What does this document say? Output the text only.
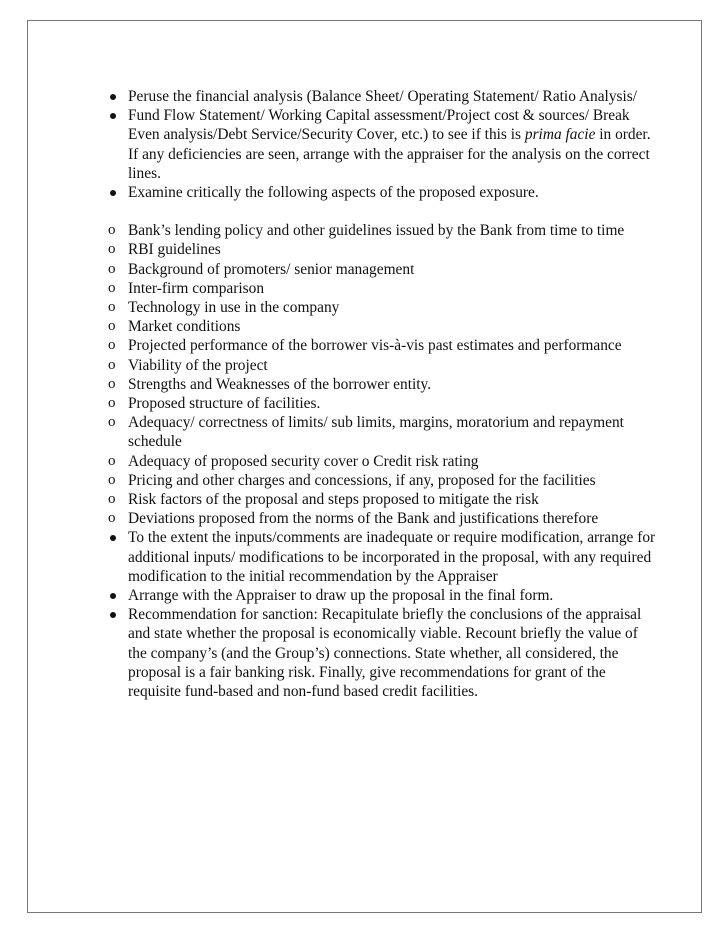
Peruse the financial analysis (Balance Sheet/ Operating Statement/ Ratio Analysis/
Fund Flow Statement/ Working Capital assessment/Project cost & sources/ Break Even analysis/Debt Service/Security Cover, etc.) to see if this is prima facie in order. If any deficiencies are seen, arrange with the appraiser for the analysis on the correct lines.
Examine critically the following aspects of the proposed exposure.
o Bank’s lending policy and other guidelines issued by the Bank from time to time
o RBI guidelines
o Background of promoters/ senior management
o Inter-firm comparison
o Technology in use in the company
o Market conditions
o Projected performance of the borrower vis-à-vis past estimates and performance
o Viability of the project
o Strengths and Weaknesses of the borrower entity.
o Proposed structure of facilities.
o Adequacy/ correctness of limits/ sub limits, margins, moratorium and repayment schedule
o Adequacy of proposed security cover o Credit risk rating
o Pricing and other charges and concessions, if any, proposed for the facilities
o Risk factors of the proposal and steps proposed to mitigate the risk
o Deviations proposed from the norms of the Bank and justifications therefore
To the extent the inputs/comments are inadequate or require modification, arrange for additional inputs/ modifications to be incorporated in the proposal, with any required modification to the initial recommendation by the Appraiser
Arrange with the Appraiser to draw up the proposal in the final form.
Recommendation for sanction: Recapitulate briefly the conclusions of the appraisal and state whether the proposal is economically viable. Recount briefly the value of the company’s (and the Group’s) connections. State whether, all considered, the proposal is a fair banking risk. Finally, give recommendations for grant of the requisite fund-based and non-fund based credit facilities.
